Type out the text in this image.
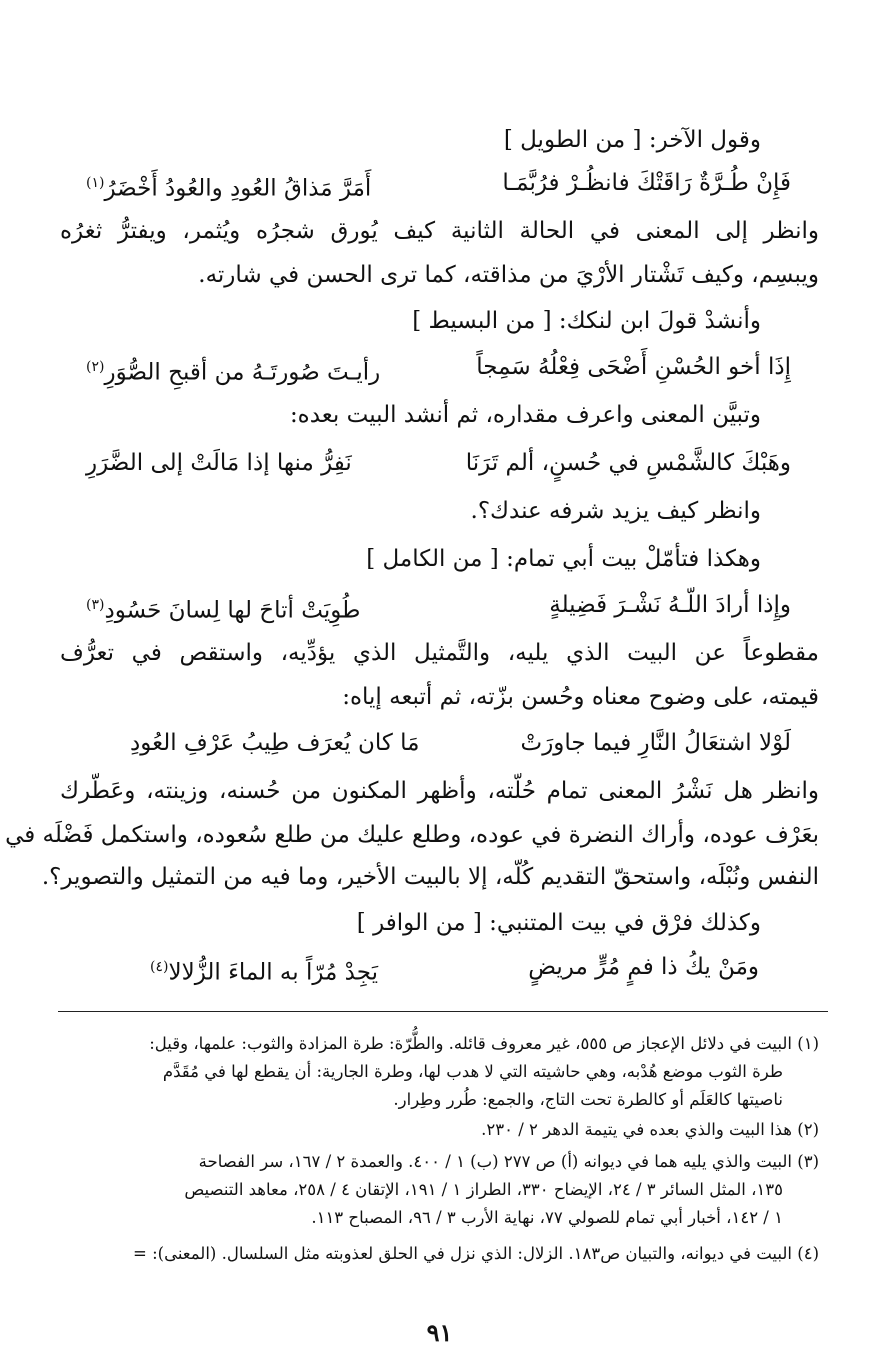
وقول الآخر: [ من الطويل ]
فَإِنْ طُـرَّةٌ رَاقَتْكَ فانظُـرْ فرُبَّمَـا
أَمَرَّ مَذاقُ العُودِ والعُودُ أَخْضَرُ$^{(١)}$
وانظر إلى المعنى في الحالة الثانية كيف يُورق شجرُه ويُثمر، ويفترُّ ثغرُه
ويبسِم، وكيف تَشْتار الأرْيَ من مذاقته، كما ترى الحسن في شارته.
وأنشدْ قولَ ابن لنكك: [ من البسيط ]
إِذَا أخو الحُسْنِ أَضْحَى فِعْلُهُ سَمِجاً
رأيـتَ صُورتَـهُ من أقبحِ الصُّوَرِ$^{(٢)}$
وتبيَّن المعنى واعرف مقداره، ثم أنشد البيت بعده:
وهَبْكَ كالشَّمْسِ في حُسنٍ، ألم تَرَنَا
نَفِرُّ منها إذا مَالَتْ إلى الضَّرَرِ
وانظر كيف يزيد شرفه عندك؟.
وهكذا فتأمّلْ بيت أبي تمام: [ من الكامل ]
وإِذا أرادَ اللّـهُ نَشْـرَ فَضِيلةٍ
طُوِيَتْ أتاحَ لها لِسانَ حَسُودِ$^{(٣)}$
مقطوعاً عن البيت الذي يليه، والتَّمثيل الذي يؤدِّيه، واستقص في تعرُّف
قيمته، على وضوح معناه وحُسن بزّته، ثم أتبعه إياه:
لَوْلا اشتعَالُ النَّارِ فيما جاورَتْ
مَا كان يُعرَف طِيبُ عَرْفِ العُودِ
وانظر هل نَشْرُ المعنى تمام حُلّته، وأظهر المكنون من حُسنه، وزينته، وعَطّرك
بعَرْف عوده، وأراك النضرة في عوده، وطلع عليك من طلع سُعوده، واستكمل فَضْلَه في
النفس ونُبْلَه، واستحقّ التقديم كُلّه، إلا بالبيت الأخير، وما فيه من التمثيل والتصوير؟.
وكذلك فرْق في بيت المتنبي: [ من الوافر ]
ومَنْ يكُ ذا فمٍ مُرٍّ مريضٍ
يَجِدْ مُرّاً به الماءَ الزُّلالا$^{(٤)}$
(١) البيت في دلائل الإعجاز ص ٥٥٥، غير معروف قائله. والطُّرّة: طرة المزادة والثوب: علمها، وقيل:
طرة الثوب موضع هُدْبه، وهي حاشيته التي لا هدب لها، وطرة الجارية: أن يقطع لها في مُقَدَّم
ناصيتها كالعَلَم أو كالطرة تحت التاج، والجمع: طُرر وطِرار.
(٢) هذا البيت والذي بعده في يتيمة الدهر ٢ / ٢٣٠.
(٣) البيت والذي يليه هما في ديوانه (أ) ص ٢٧٧ (ب) ١ / ٤٠٠. والعمدة ٢ / ١٦٧، سر الفصاحة
١٣٥، المثل السائر ٣ / ٢٤، الإيضاح ٣٣٠، الطراز ١ / ١٩١، الإتقان ٤ / ٢٥٨، معاهد التنصيص
١ / ١٤٢، أخبار أبي تمام للصولي ٧٧، نهاية الأرب ٣ / ٩٦، المصباح ١١٣.
(٤) البيت في ديوانه، والتبيان ص١٨٣. الزلال: الذي نزل في الحلق لعذوبته مثل السلسال. (المعنى): =
٩١
